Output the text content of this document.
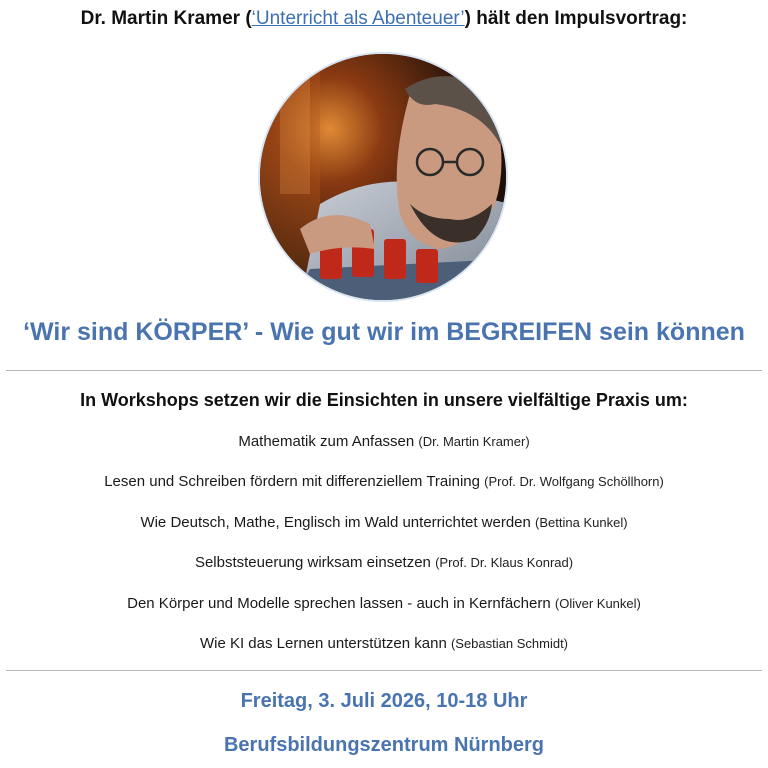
Dr. Martin Kramer (‘Unterricht als Abenteuer’) hält den Impulsvortrag:
‘Wir sind KÖRPER’ - Wie gut wir im BEGREIFEN sein können
In Workshops setzen wir die Einsichten in unsere vielfältige Praxis um:
Mathematik zum Anfassen (Dr. Martin Kramer)
Lesen und Schreiben fördern mit differenziellem Training (Prof. Dr. Wolfgang Schöllhorn)
Wie Deutsch, Mathe, Englisch im Wald unterrichtet werden (Bettina Kunkel)
Selbststeuerung wirksam einsetzen (Prof. Dr. Klaus Konrad)
Den Körper und Modelle sprechen lassen - auch in Kernfächern (Oliver Kunkel)
Wie KI das Lernen unterstützen kann (Sebastian Schmidt)
Freitag, 3. Juli 2026, 10-18 Uhr
Berufsbildungszentrum Nürnberg
